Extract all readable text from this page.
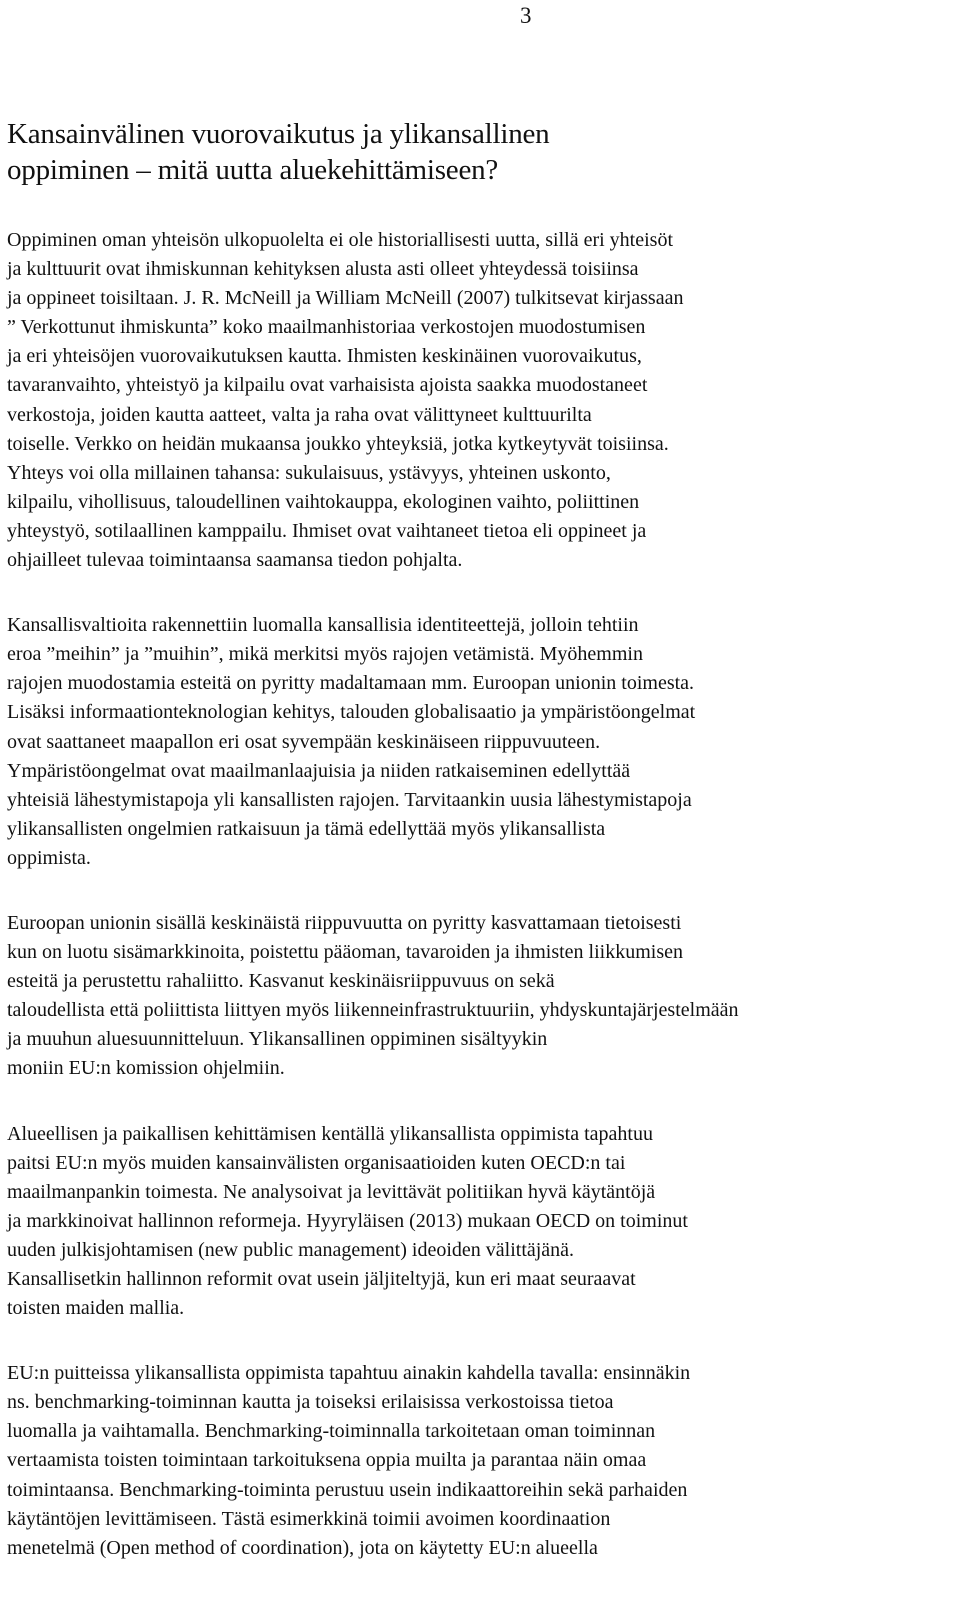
3
Kansainvälinen vuorovaikutus ja ylikansallinen
oppiminen – mitä uutta aluekehittämiseen?
Oppiminen oman yhteisön ulkopuolelta ei ole historiallisesti uutta, sillä eri yhteisöt
ja kulttuurit ovat ihmiskunnan kehityksen alusta asti olleet yhteydessä toisiinsa
ja oppineet toisiltaan. J. R. McNeill ja William McNeill (2007) tulkitsevat kirjassaan
” Verkottunut ihmiskunta” koko maailmanhistoriaa verkostojen muodostumisen
ja eri yhteisöjen vuorovaikutuksen kautta. Ihmisten keskinäinen vuorovaikutus,
tavaranvaihto, yhteistyö ja kilpailu ovat varhaisista ajoista saakka muodostaneet
verkostoja, joiden kautta aatteet, valta ja raha ovat välittyneet kulttuurilta
toiselle. Verkko on heidän mukaansa joukko yhteyksiä, jotka kytkeytyvät toisiinsa.
Yhteys voi olla millainen tahansa: sukulaisuus, ystävyys, yhteinen uskonto,
kilpailu, vihollisuus, taloudellinen vaihtokauppa, ekologinen vaihto, poliittinen
yhteystyö, sotilaallinen kamppailu. Ihmiset ovat vaihtaneet tietoa eli oppineet ja
ohjailleet tulevaa toimintaansa saamansa tiedon pohjalta.
Kansallisvaltioita rakennettiin luomalla kansallisia identiteettejä, jolloin tehtiin
eroa ”meihin” ja ”muihin”, mikä merkitsi myös rajojen vetämistä. Myöhemmin
rajojen muodostamia esteitä on pyritty madaltamaan mm. Euroopan unionin toimesta.
Lisäksi informaationteknologian kehitys, talouden globalisaatio ja ympäristöongelmat
ovat saattaneet maapallon eri osat syvempään keskinäiseen riippuvuuteen.
Ympäristöongelmat ovat maailmanlaajuisia ja niiden ratkaiseminen edellyttää
yhteisiä lähestymistapoja yli kansallisten rajojen. Tarvitaankin uusia lähestymistapoja
ylikansallisten ongelmien ratkaisuun ja tämä edellyttää myös ylikansallista
oppimista.
Euroopan unionin sisällä keskinäistä riippuvuutta on pyritty kasvattamaan tietoisesti
kun on luotu sisämarkkinoita, poistettu pääoman, tavaroiden ja ihmisten liikkumisen
esteitä ja perustettu rahaliitto. Kasvanut keskinäisriippuvuus on sekä
taloudellista että poliittista liittyen myös liikenneinfrastruktuuriin, yhdyskuntajärjestelmään
ja muuhun aluesuunnitteluun. Ylikansallinen oppiminen sisältyykin
moniin EU:n komission ohjelmiin.
Alueellisen ja paikallisen kehittämisen kentällä ylikansallista oppimista tapahtuu
paitsi EU:n myös muiden kansainvälisten organisaatioiden kuten OECD:n tai
maailmanpankin toimesta. Ne analysoivat ja levittävät politiikan hyvä käytäntöjä
ja markkinoivat hallinnon reformeja. Hyyryläisen (2013) mukaan OECD on toiminut
uuden julkisjohtamisen (new public management) ideoiden välittäjänä.
Kansallisetkin hallinnon reformit ovat usein jäljiteltyjä, kun eri maat seuraavat
toisten maiden mallia.
EU:n puitteissa ylikansallista oppimista tapahtuu ainakin kahdella tavalla: ensinnäkin
ns. benchmarking-toiminnan kautta ja toiseksi erilaisissa verkostoissa tietoa
luomalla ja vaihtamalla. Benchmarking-toiminnalla tarkoitetaan oman toiminnan
vertaamista toisten toimintaan tarkoituksena oppia muilta ja parantaa näin omaa
toimintaansa. Benchmarking-toiminta perustuu usein indikaattoreihin sekä parhaiden
käytäntöjen levittämiseen. Tästä esimerkkinä toimii avoimen koordinaation
menetelmä (Open method of coordination), jota on käytetty EU:n alueella
